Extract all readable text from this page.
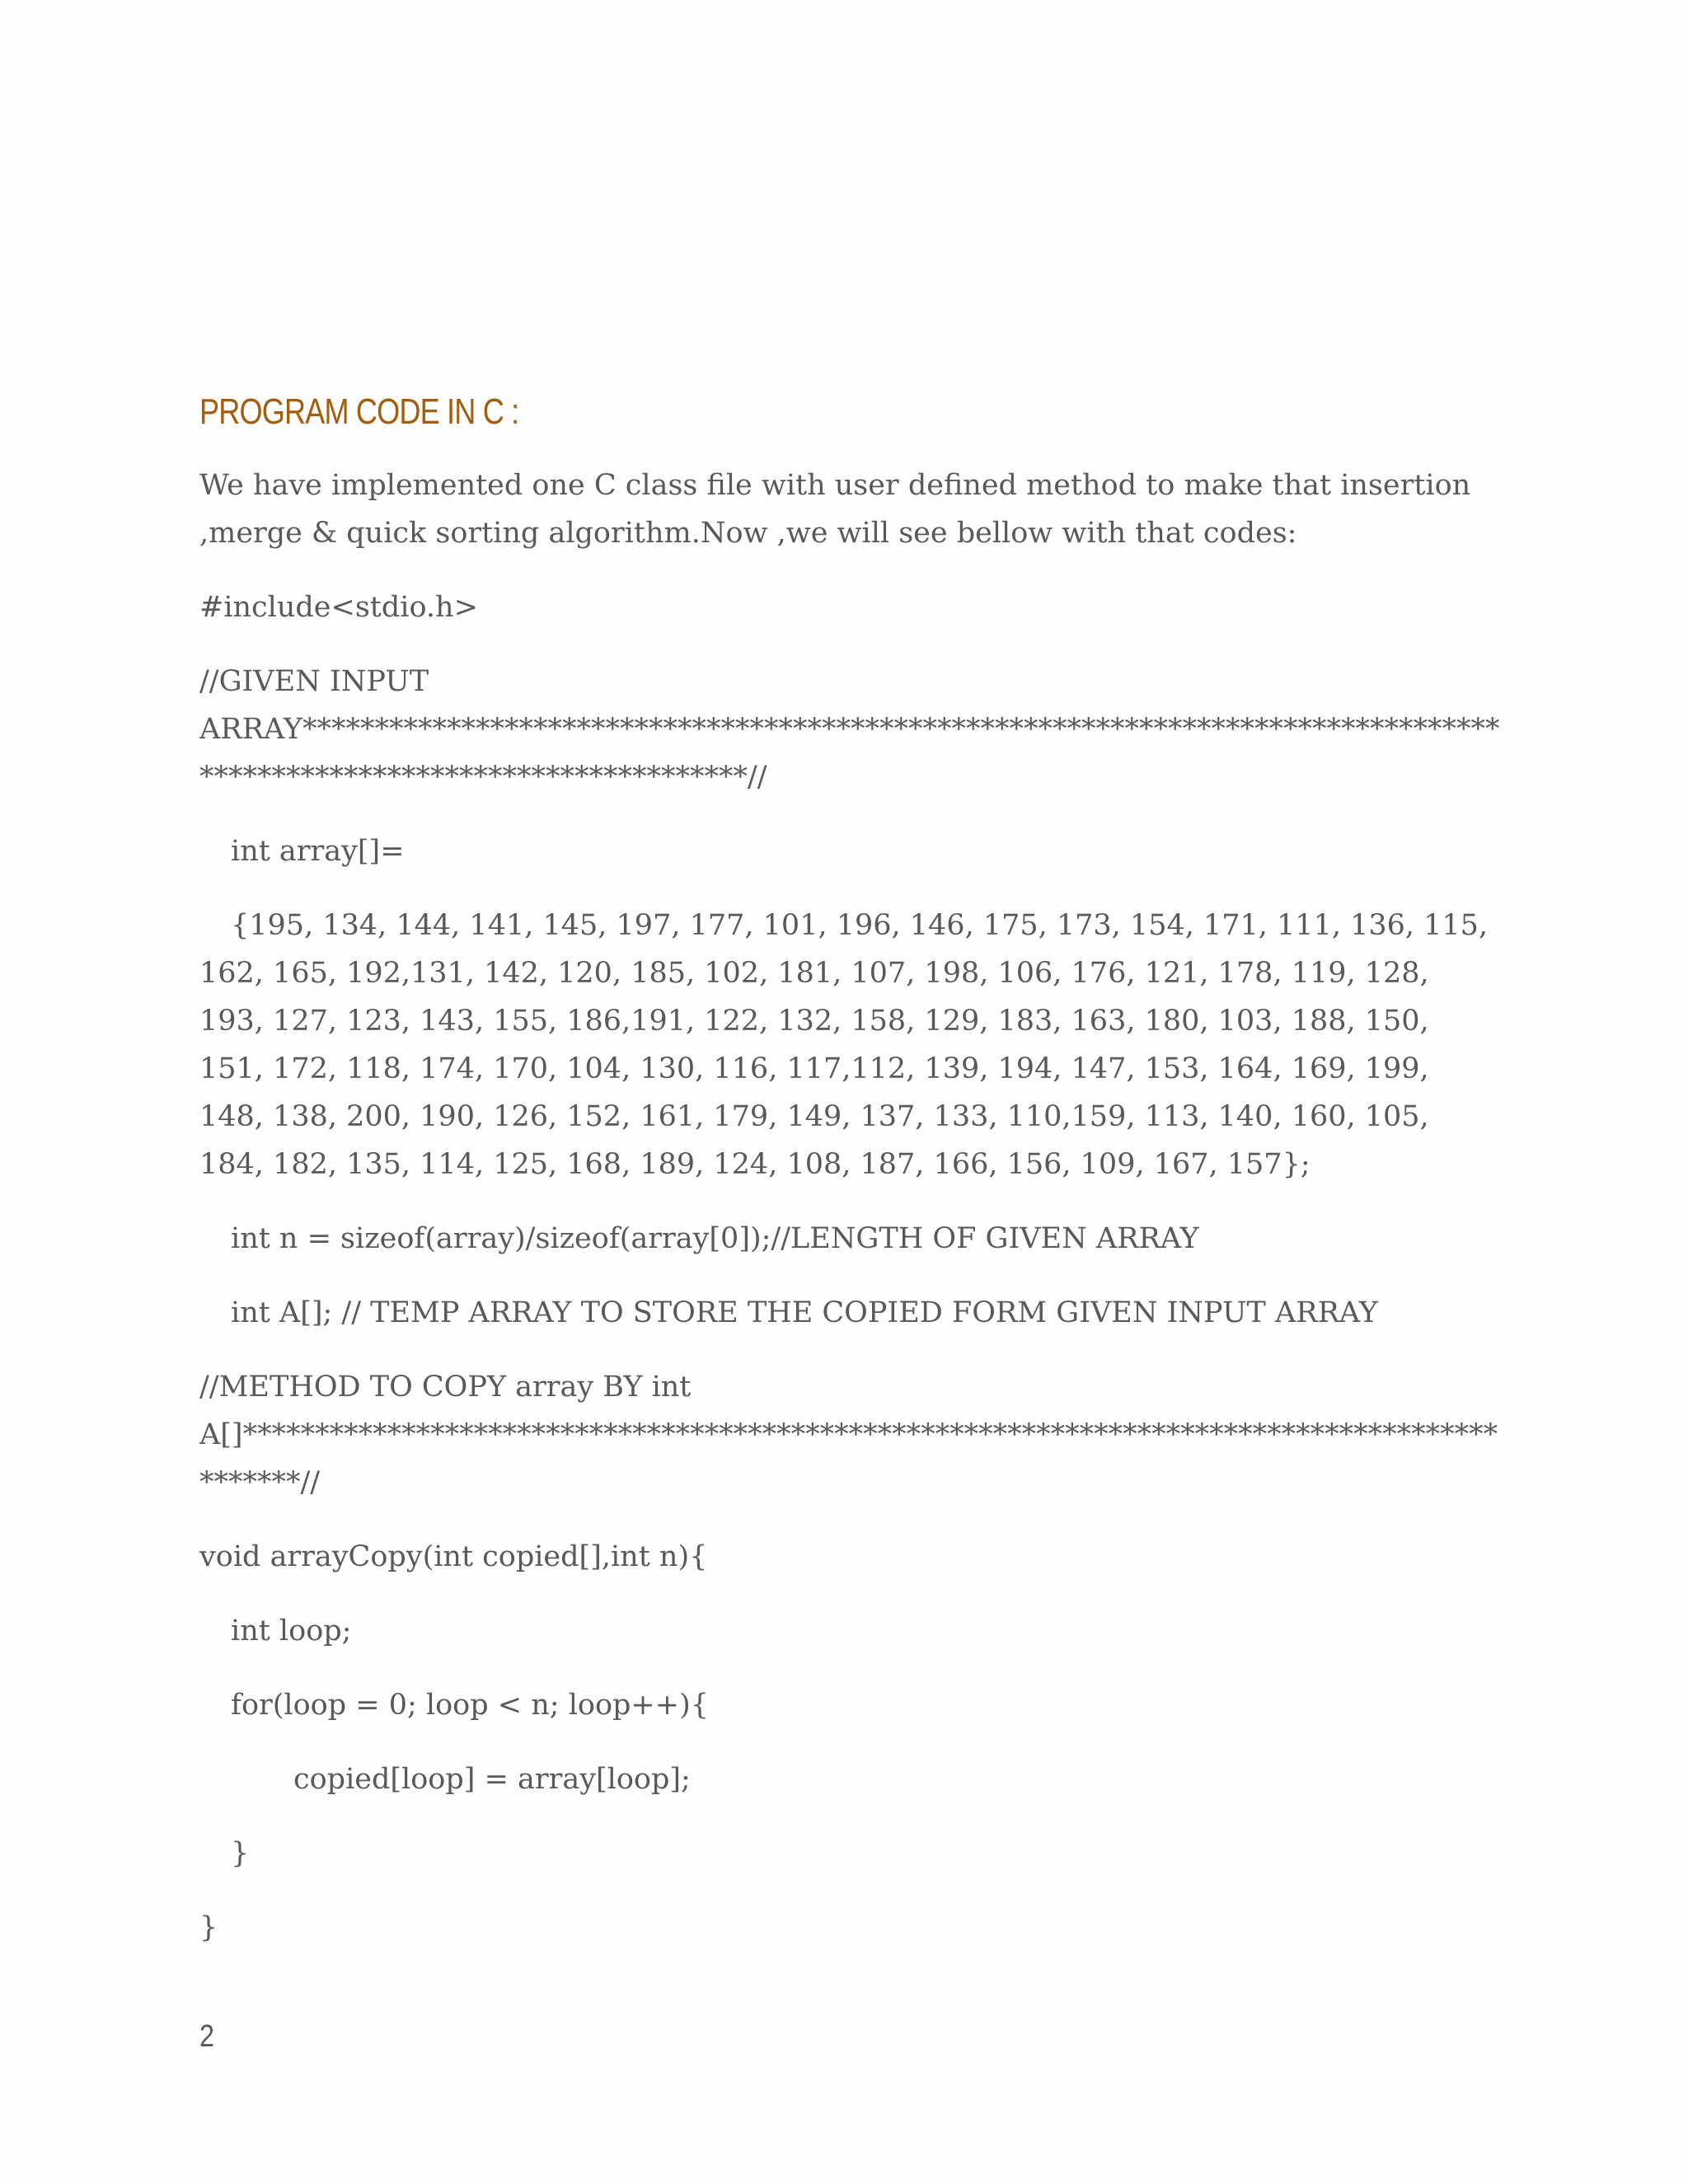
PROGRAM CODE IN C :
We have implemented one C class file with user defined method to make that insertion ,merge & quick sorting algorithm.Now ,we will see bellow with that codes:
#include<stdio.h>
//GIVEN INPUT ARRAY*************************************************************************************************************************//
int array[]=
{195, 134, 144, 141, 145, 197, 177, 101, 196, 146, 175, 173, 154, 171, 111, 136, 115, 162, 165, 192,131, 142, 120, 185, 102, 181, 107, 198, 106, 176, 121, 178, 119, 128, 193, 127, 123, 143, 155, 186,191, 122, 132, 158, 129, 183, 163, 180, 103, 188, 150, 151, 172, 118, 174, 170, 104, 130, 116, 117,112, 139, 194, 147, 153, 164, 169, 199, 148, 138, 200, 190, 126, 152, 161, 179, 149, 137, 133, 110,159, 113, 140, 160, 105, 184, 182, 135, 114, 125, 168, 189, 124, 108, 187, 166, 156, 109, 167, 157};
int n = sizeof(array)/sizeof(array[0]);//LENGTH OF GIVEN ARRAY
int A[]; // TEMP ARRAY TO STORE THE COPIED FORM GIVEN INPUT ARRAY
//METHOD TO COPY array BY int A[]**********************************************************************************************//
void arrayCopy(int copied[],int n){
int loop;
for(loop = 0; loop < n; loop++){
copied[loop] = array[loop];
}
}
2
